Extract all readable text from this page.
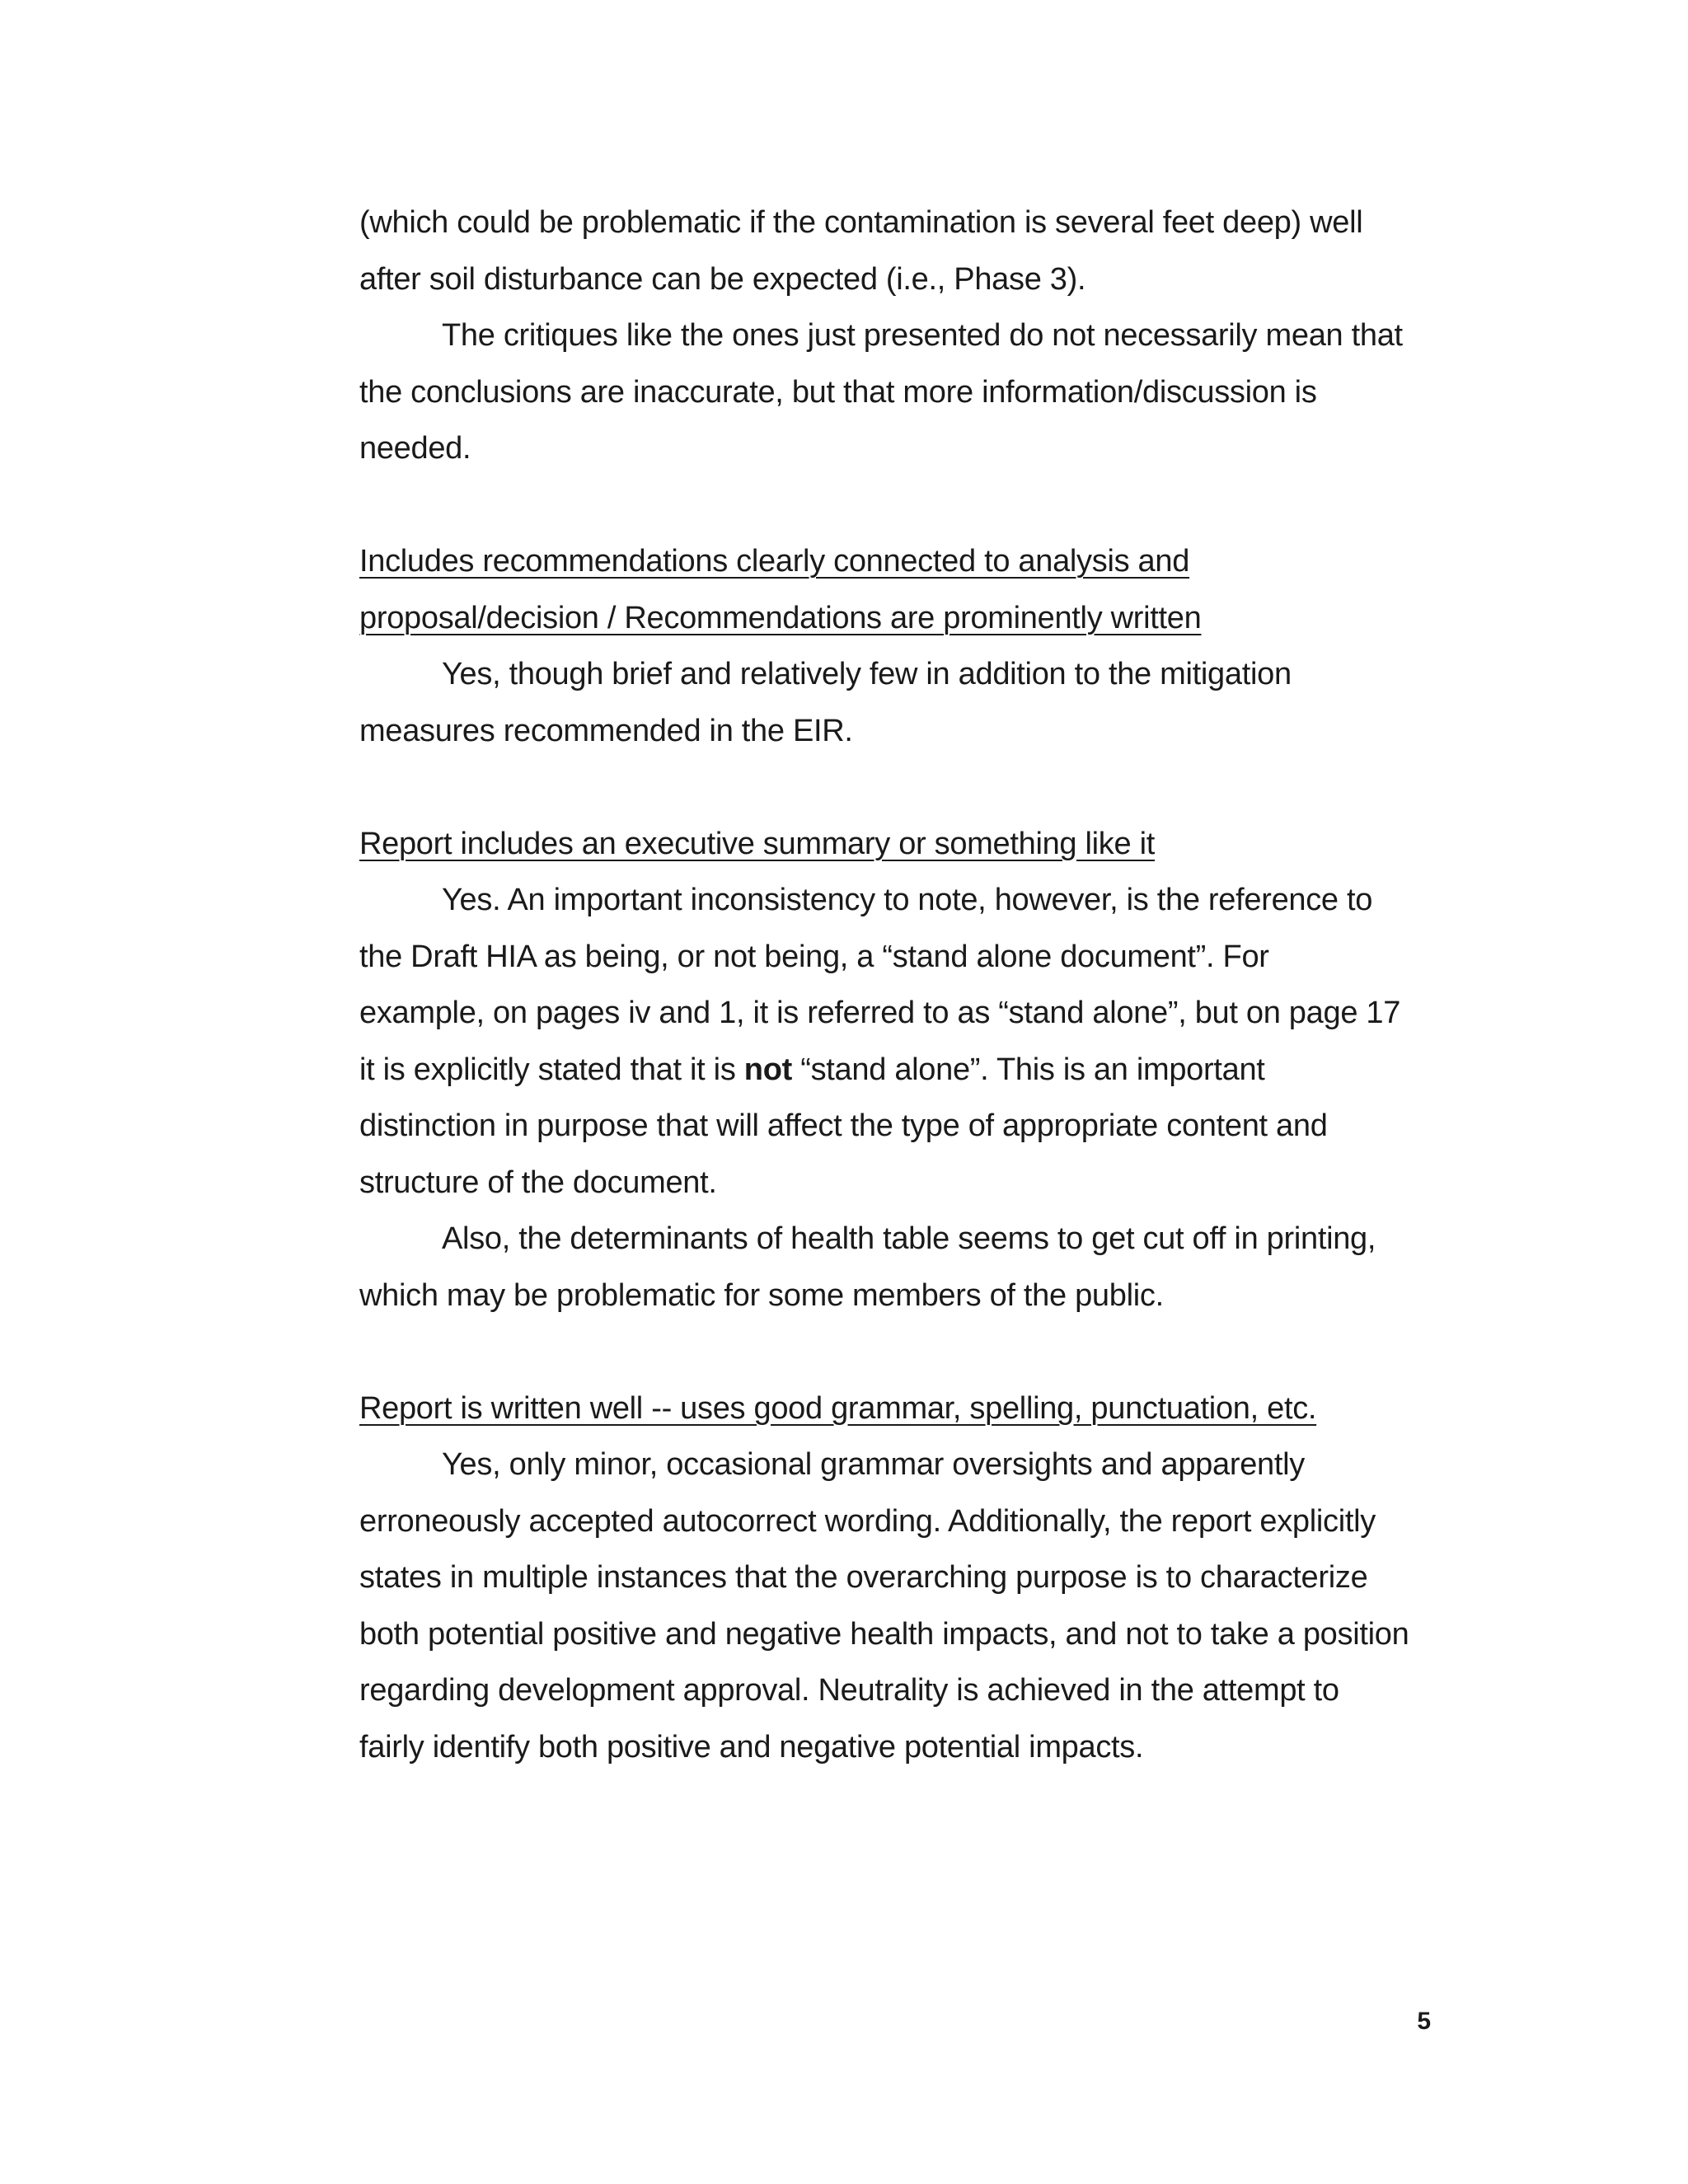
(which could be problematic if the contamination is several feet deep) well
after soil disturbance can be expected (i.e., Phase 3).

The critiques like the ones just presented do not necessarily mean that
the conclusions are inaccurate, but that more information/discussion is
needed.

Includes recommendations clearly connected to analysis and
proposal/decision / Recommendations are prominently written

Yes, though brief and relatively few in addition to the mitigation
measures recommended in the EIR.

Report includes an executive summary or something like it

Yes. An important inconsistency to note, however, is the reference to
the Draft HIA as being, or not being, a “stand alone document”. For
example, on pages iv and 1, it is referred to as “stand alone”, but on page 17
it is explicitly stated that it is not “stand alone”. This is an important
distinction in purpose that will affect the type of appropriate content and
structure of the document.

Also, the determinants of health table seems to get cut off in printing,
which may be problematic for some members of the public.

Report is written well -- uses good grammar, spelling, punctuation, etc.

Yes, only minor, occasional grammar oversights and apparently
erroneously accepted autocorrect wording. Additionally, the report explicitly
states in multiple instances that the overarching purpose is to characterize
both potential positive and negative health impacts, and not to take a position
regarding development approval. Neutrality is achieved in the attempt to
fairly identify both positive and negative potential impacts.

5
